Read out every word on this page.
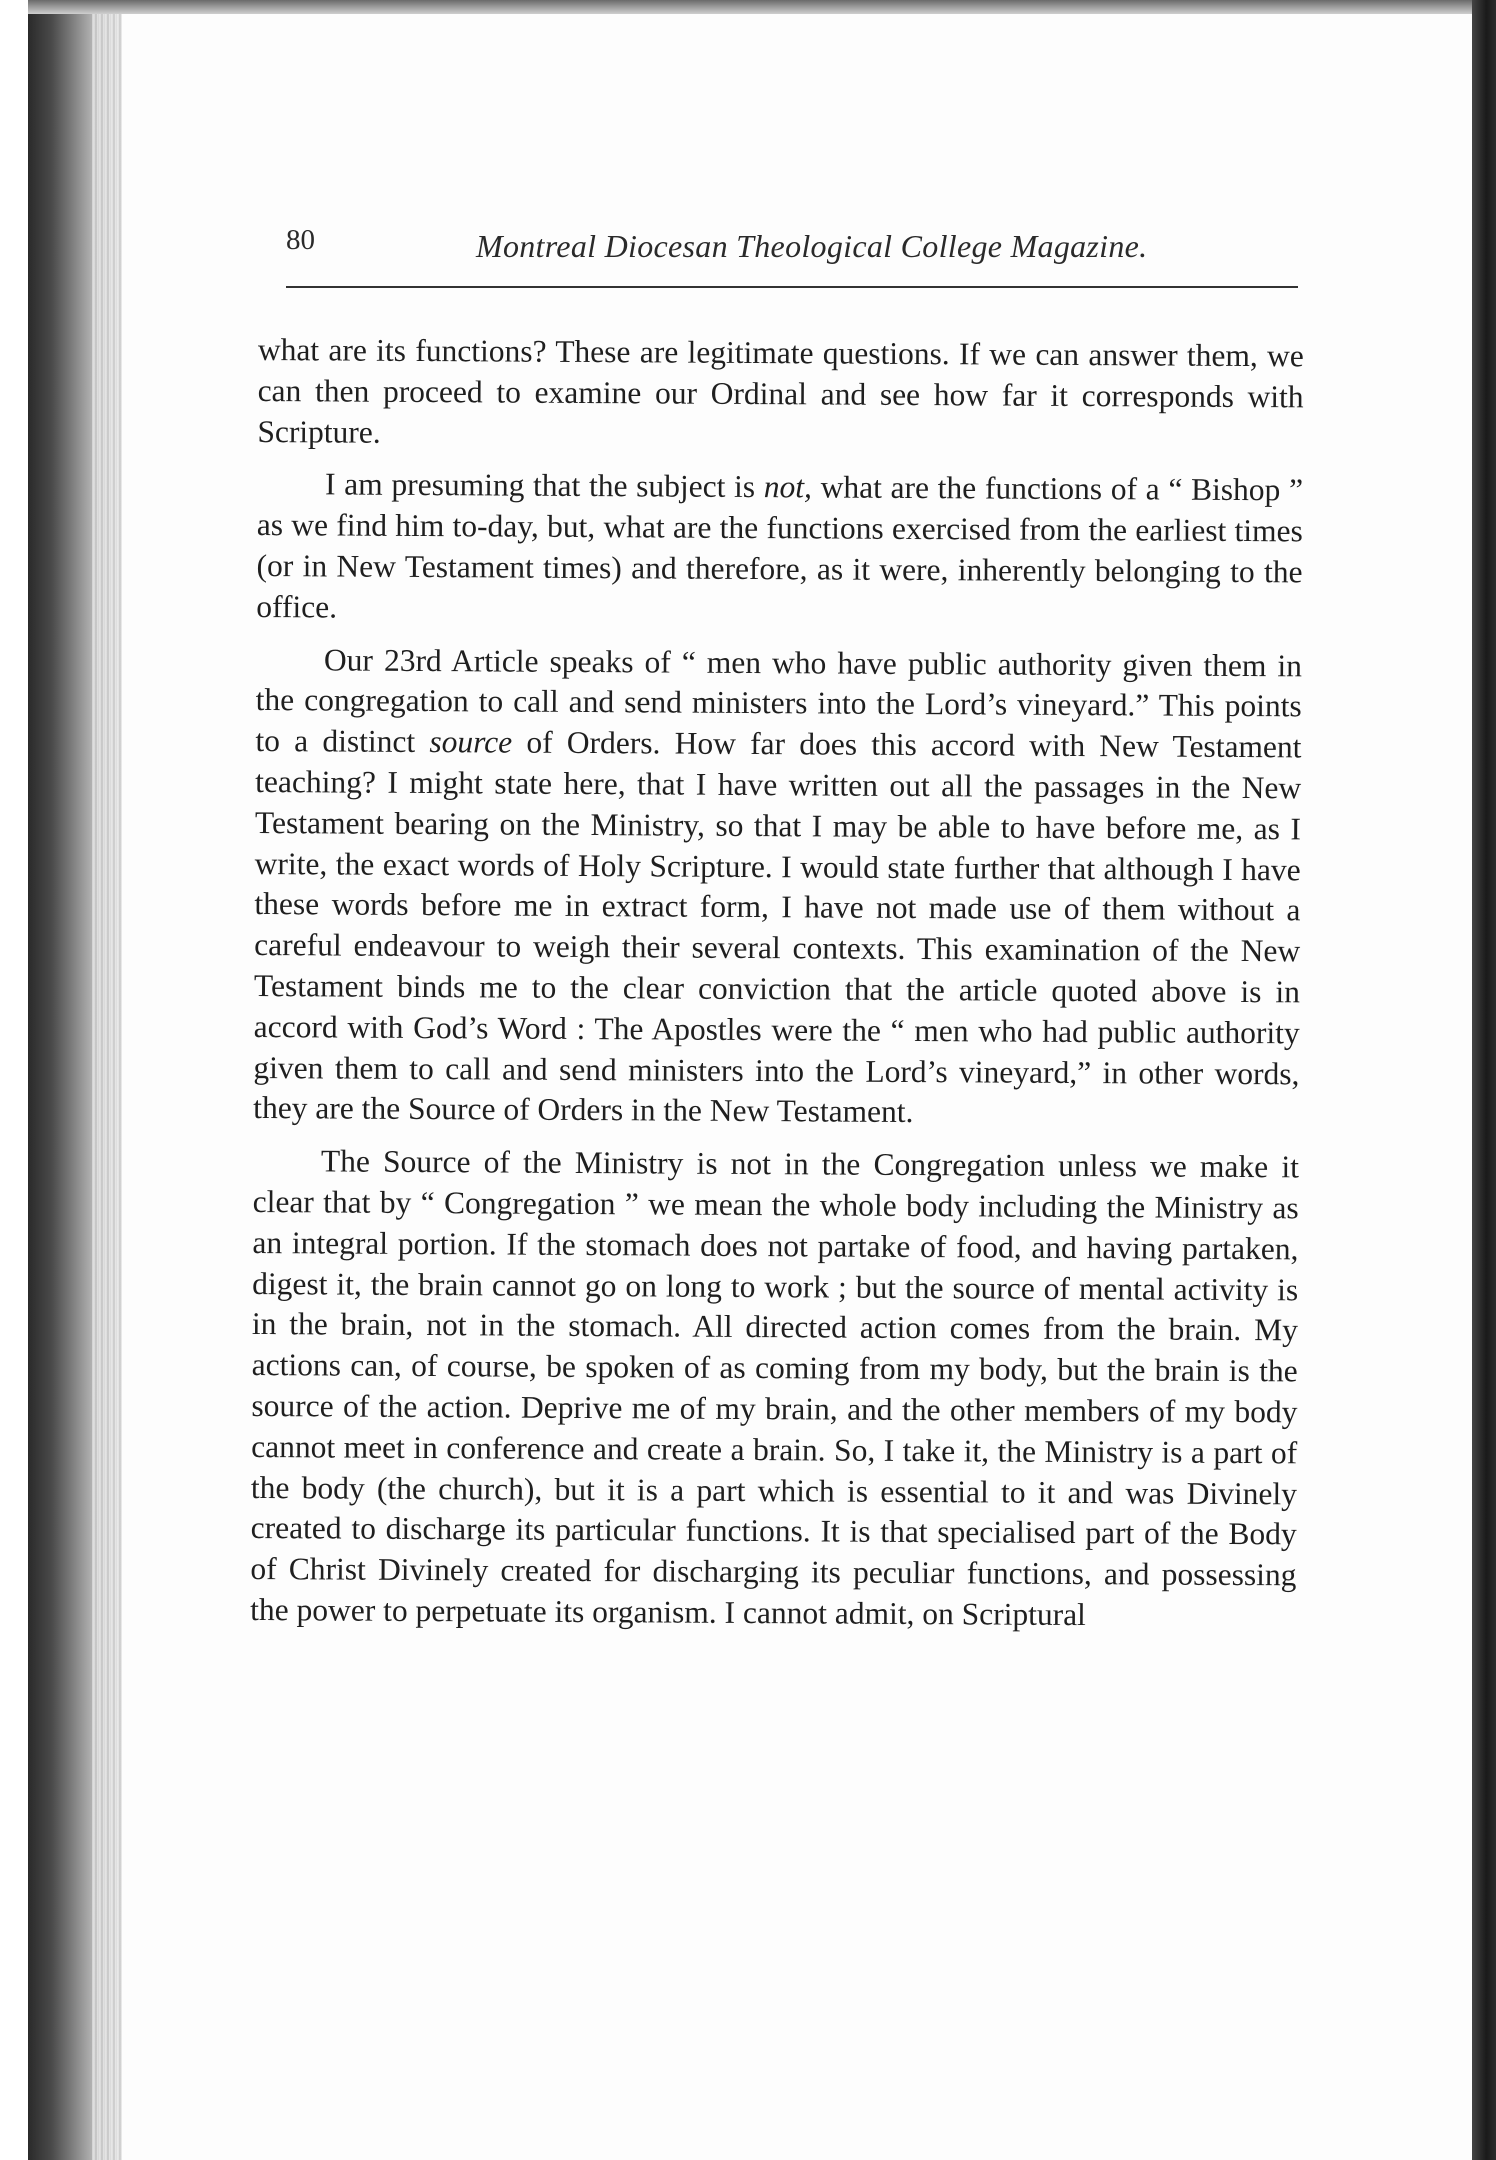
80	Montreal Diocesan Theological College Magazine.

what are its functions? These are legitimate questions. If we can answer them, we can then proceed to examine our Ordinal and see how far it corresponds with Scripture.

I am presuming that the subject is not, what are the functions of a “ Bishop ” as we find him to-day, but, what are the functions exercised from the earliest times (or in New Testament times) and therefore, as it were, inherently belonging to the office.

Our 23rd Article speaks of “ men who have public authority given them in the congregation to call and send ministers into the Lord’s vineyard.” This points to a distinct source of Orders. How far does this accord with New Testament teaching? I might state here, that I have written out all the passages in the New Testament bearing on the Ministry, so that I may be able to have before me, as I write, the exact words of Holy Scripture. I would state further that although I have these words before me in extract form, I have not made use of them without a careful endeavour to weigh their several contexts. This examination of the New Testament binds me to the clear conviction that the article quoted above is in accord with God’s Word : The Apostles were the “ men who had public authority given them to call and send ministers into the Lord’s vineyard,” in other words, they are the Source of Orders in the New Testament.

The Source of the Ministry is not in the Congregation unless we make it clear that by “ Congregation ” we mean the whole body including the Ministry as an integral portion. If the stomach does not partake of food, and having partaken, digest it, the brain cannot go on long to work ; but the source of mental activity is in the brain, not in the stomach. All directed action comes from the brain. My actions can, of course, be spoken of as coming from my body, but the brain is the source of the action. Deprive me of my brain, and the other members of my body cannot meet in conference and create a brain. So, I take it, the Ministry is a part of the body (the church), but it is a part which is essential to it and was Divinely created to discharge its particular functions. It is that specialised part of the Body of Christ Divinely created for discharging its peculiar functions, and possessing the power to perpetuate its organism. I cannot admit, on Scriptural
